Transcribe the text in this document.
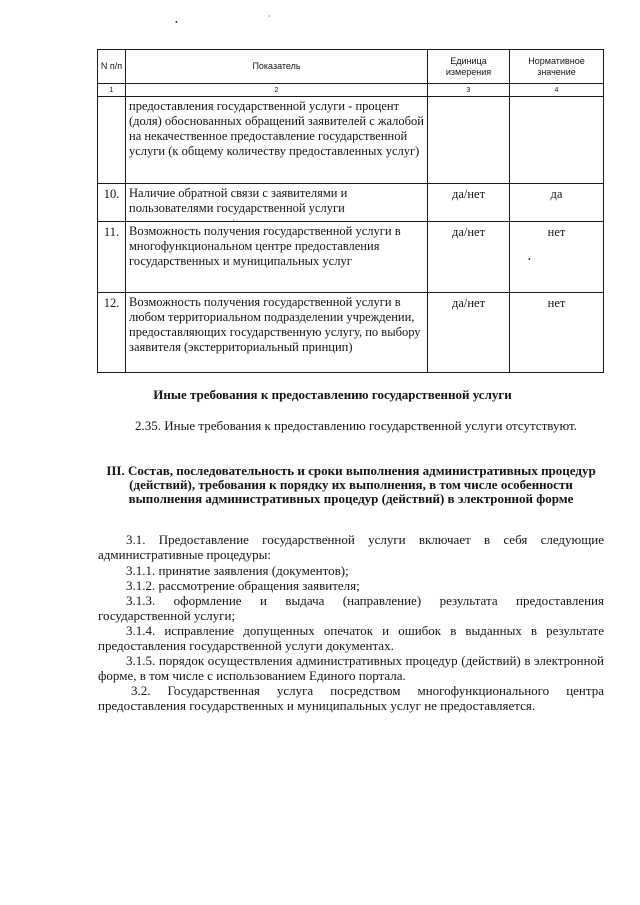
•
·
N п/п	Показатель	Единица измерения	Нормативное значение
1	2	3	4
	предоставления государственной услуги - процент (доля) обоснованных обращений заявителей с жалобой на некачественное предоставление государственной услуги (к общему количеству предоставленных услуг)		
10.	Наличие обратной связи с заявителями и пользователями государственной услуги	да/нет	да
11.	Возможность получения государственной услуги в многофункциональном центре предоставления государственных и муниципальных услуг	да/нет	нет
12.	Возможность получения государственной услуги в любом территориальном подразделении учреждении, предоставляющих государственную услугу, по выбору заявителя (экстерриториальный принцип)	да/нет	нет
Иные требования к предоставлению государственной услуги
2.35. Иные требования к предоставлению государственной услуги отсутствуют.
III. Состав, последовательность и сроки выполнения административных процедур (действий), требования к порядку их выполнения, в том числе особенности выполнения административных процедур (действий) в электронной форме
3.1. Предоставление государственной услуги включает в себя следующие административные процедуры:
3.1.1. принятие заявления (документов);
3.1.2. рассмотрение обращения заявителя;
3.1.3. оформление и выдача (направление) результата предоставления государственной услуги;
3.1.4. исправление допущенных опечаток и ошибок в выданных в результате предоставления государственной услуги документах.
3.1.5. порядок осуществления административных процедур (действий) в электронной форме, в том числе с использованием Единого портала.
3.2. Государственная услуга посредством многофункционального центра предоставления государственных и муниципальных услуг не предоставляется.
•
·
